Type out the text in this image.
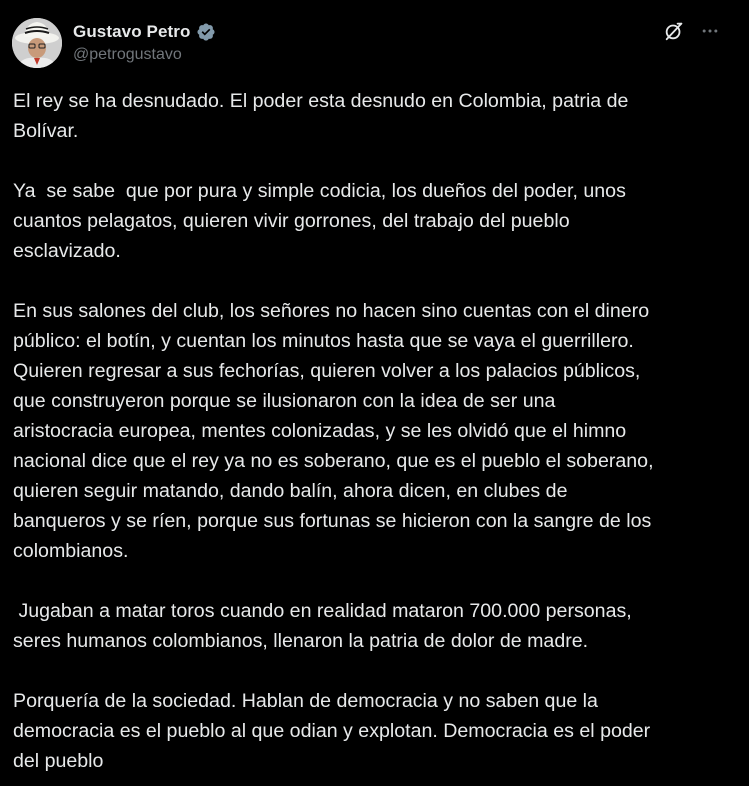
Gustavo Petro
@petrogustavo

El rey se ha desnudado. El poder esta desnudo en Colombia, patria de
Bolívar.

Ya  se sabe  que por pura y simple codicia, los dueños del poder, unos
cuantos pelagatos, quieren vivir gorrones, del trabajo del pueblo
esclavizado.

En sus salones del club, los señores no hacen sino cuentas con el dinero
público: el botín, y cuentan los minutos hasta que se vaya el guerrillero.
Quieren regresar a sus fechorías, quieren volver a los palacios públicos,
que construyeron porque se ilusionaron con la idea de ser una
aristocracia europea, mentes colonizadas, y se les olvidó que el himno
nacional dice que el rey ya no es soberano, que es el pueblo el soberano,
quieren seguir matando, dando balín, ahora dicen, en clubes de
banqueros y se ríen, porque sus fortunas se hicieron con la sangre de los
colombianos.

Jugaban a matar toros cuando en realidad mataron 700.000 personas,
seres humanos colombianos, llenaron la patria de dolor de madre.

Porquería de la sociedad. Hablan de democracia y no saben que la
democracia es el pueblo al que odian y explotan. Democracia es el poder
del pueblo
